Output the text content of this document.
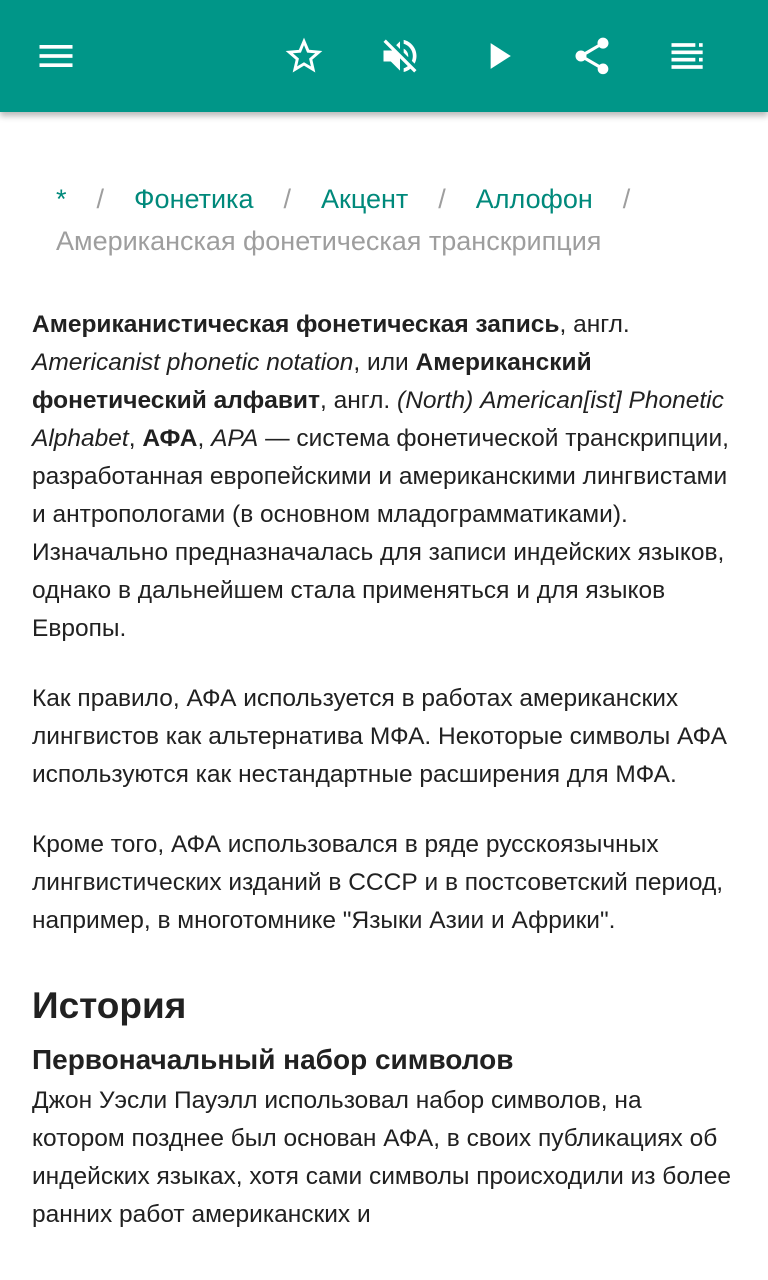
* / Фонетика / Акцент / Аллофон /
Американская фонетическая транскрипция

Американистическая фонетическая запись, англ. Americanist phonetic notation, или Американский фонетический алфавит, англ. (North) American[ist] Phonetic Alphabet, АФА, APA — система фонетической транскрипции, разработанная европейскими и американскими лингвистами и антропологами (в основном младограмматиками). Изначально предназначалась для записи индейских языков, однако в дальнейшем стала применяться и для языков Европы.

Как правило, АФА используется в работах американских лингвистов как альтернатива МФА. Некоторые символы АФА используются как нестандартные расширения для МФА.

Кроме того, АФА использовался в ряде русскоязычных лингвистических изданий в СССР и в постсоветский период, например, в многотомнике "Языки Азии и Африки".

История
Первоначальный набор символов

Джон Уэсли Пауэлл использовал набор символов, на котором позднее был основан АФА, в своих публикациях об индейских языках, хотя сами символы происходили из более ранних работ американских и
